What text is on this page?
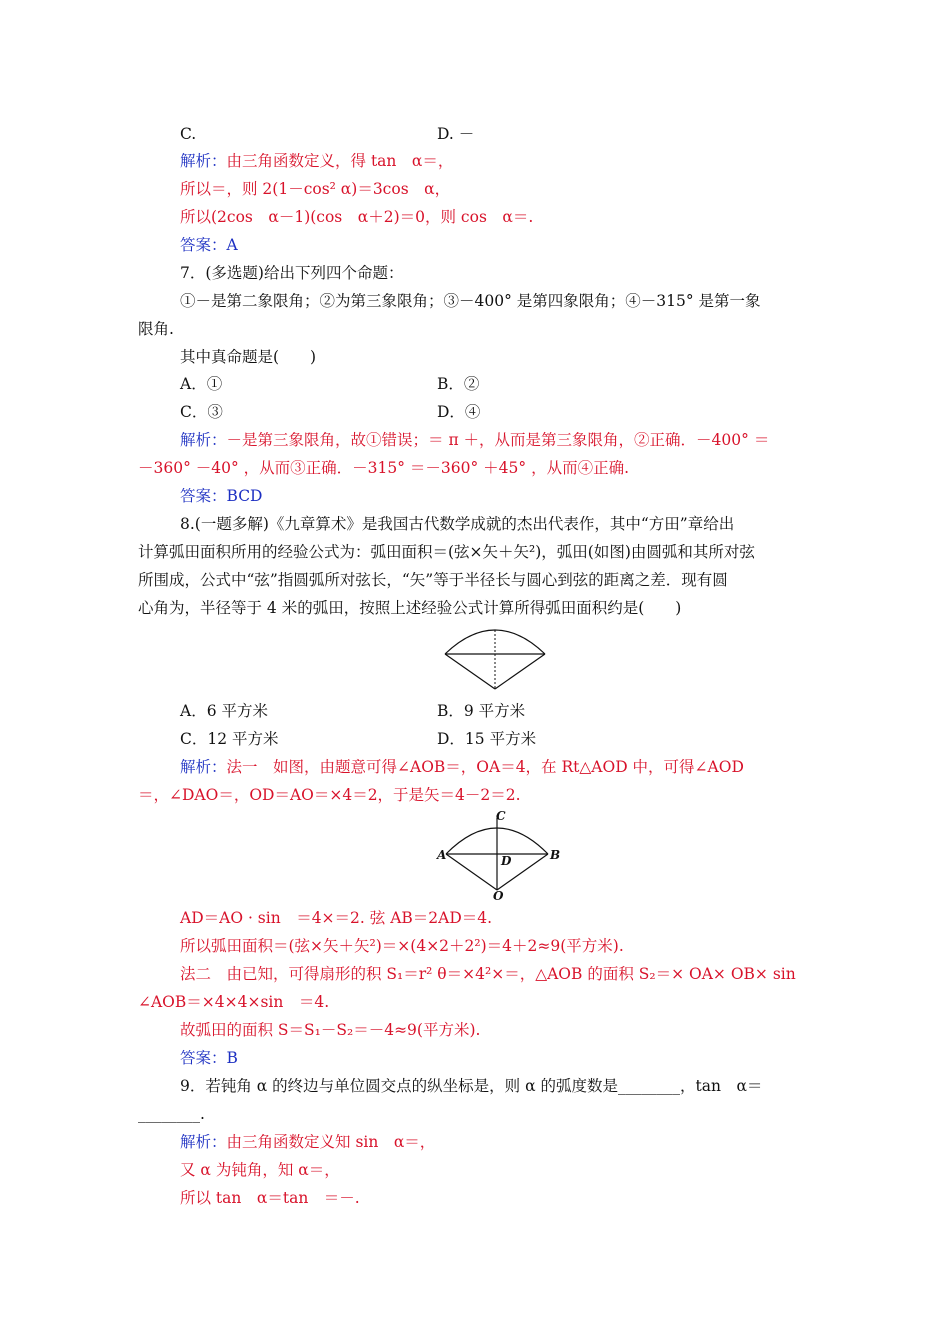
C.	D. －
解析：由三角函数定义，得 tan　α＝，
所以＝，则 2(1－cos² α)＝3cos　α，
所以(2cos　α－1)(cos　α＋2)＝0，则 cos　α＝.
答案：A
7．(多选题)给出下列四个命题：
①－是第二象限角；②为第三象限角；③－400° 是第四象限角；④－315° 是第一象
限角.
其中真命题是(　　)
A．①	B．②
C．③	D．④
解析：－是第三象限角，故①错误；＝ π ＋，从而是第三象限角，②正确．－400° ＝
－360° －40° ，从而③正确．－315° ＝－360° ＋45° ，从而④正确.
答案：BCD
8.(一题多解)《九章算术》是我国古代数学成就的杰出代表作，其中“方田”章给出
计算弧田面积所用的经验公式为：弧田面积＝(弦×矢＋矢²)，弧田(如图)由圆弧和其所对弦
所围成，公式中“弦”指圆弧所对弦长，“矢”等于半径长与圆心到弦的距离之差．现有圆
心角为，半径等于 4 米的弧田，按照上述经验公式计算所得弧田面积约是(　　)
A．6 平方米	B．9 平方米
C．12 平方米	D．15 平方米
解析：法一　如图，由题意可得∠AOB＝，OA＝4，在 Rt△AOD 中，可得∠AOD
＝，∠DAO＝，OD＝AO＝×4＝2，于是矢＝4－2＝2.
A	B
C
D
O
AD＝AO · sin　＝4×＝2. 弦 AB＝2AD＝4.
所以弧田面积＝(弦×矢＋矢²)＝×(4×2＋2²)＝4＋2≈9(平方米).
法二　由已知，可得扇形的积 S₁＝r² θ＝×4²×＝，△AOB 的面积 S₂＝× OA× OB× sin
∠AOB＝×4×4×sin　＝4.
故弧田的面积 S＝S₁－S₂＝－4≈9(平方米).
答案：B
9．若钝角 α 的终边与单位圆交点的纵坐标是，则 α 的弧度数是________，tan　α＝
________.
解析：由三角函数定义知 sin　α＝，
又 α 为钝角，知 α＝，
所以 tan　α＝tan　＝－.
